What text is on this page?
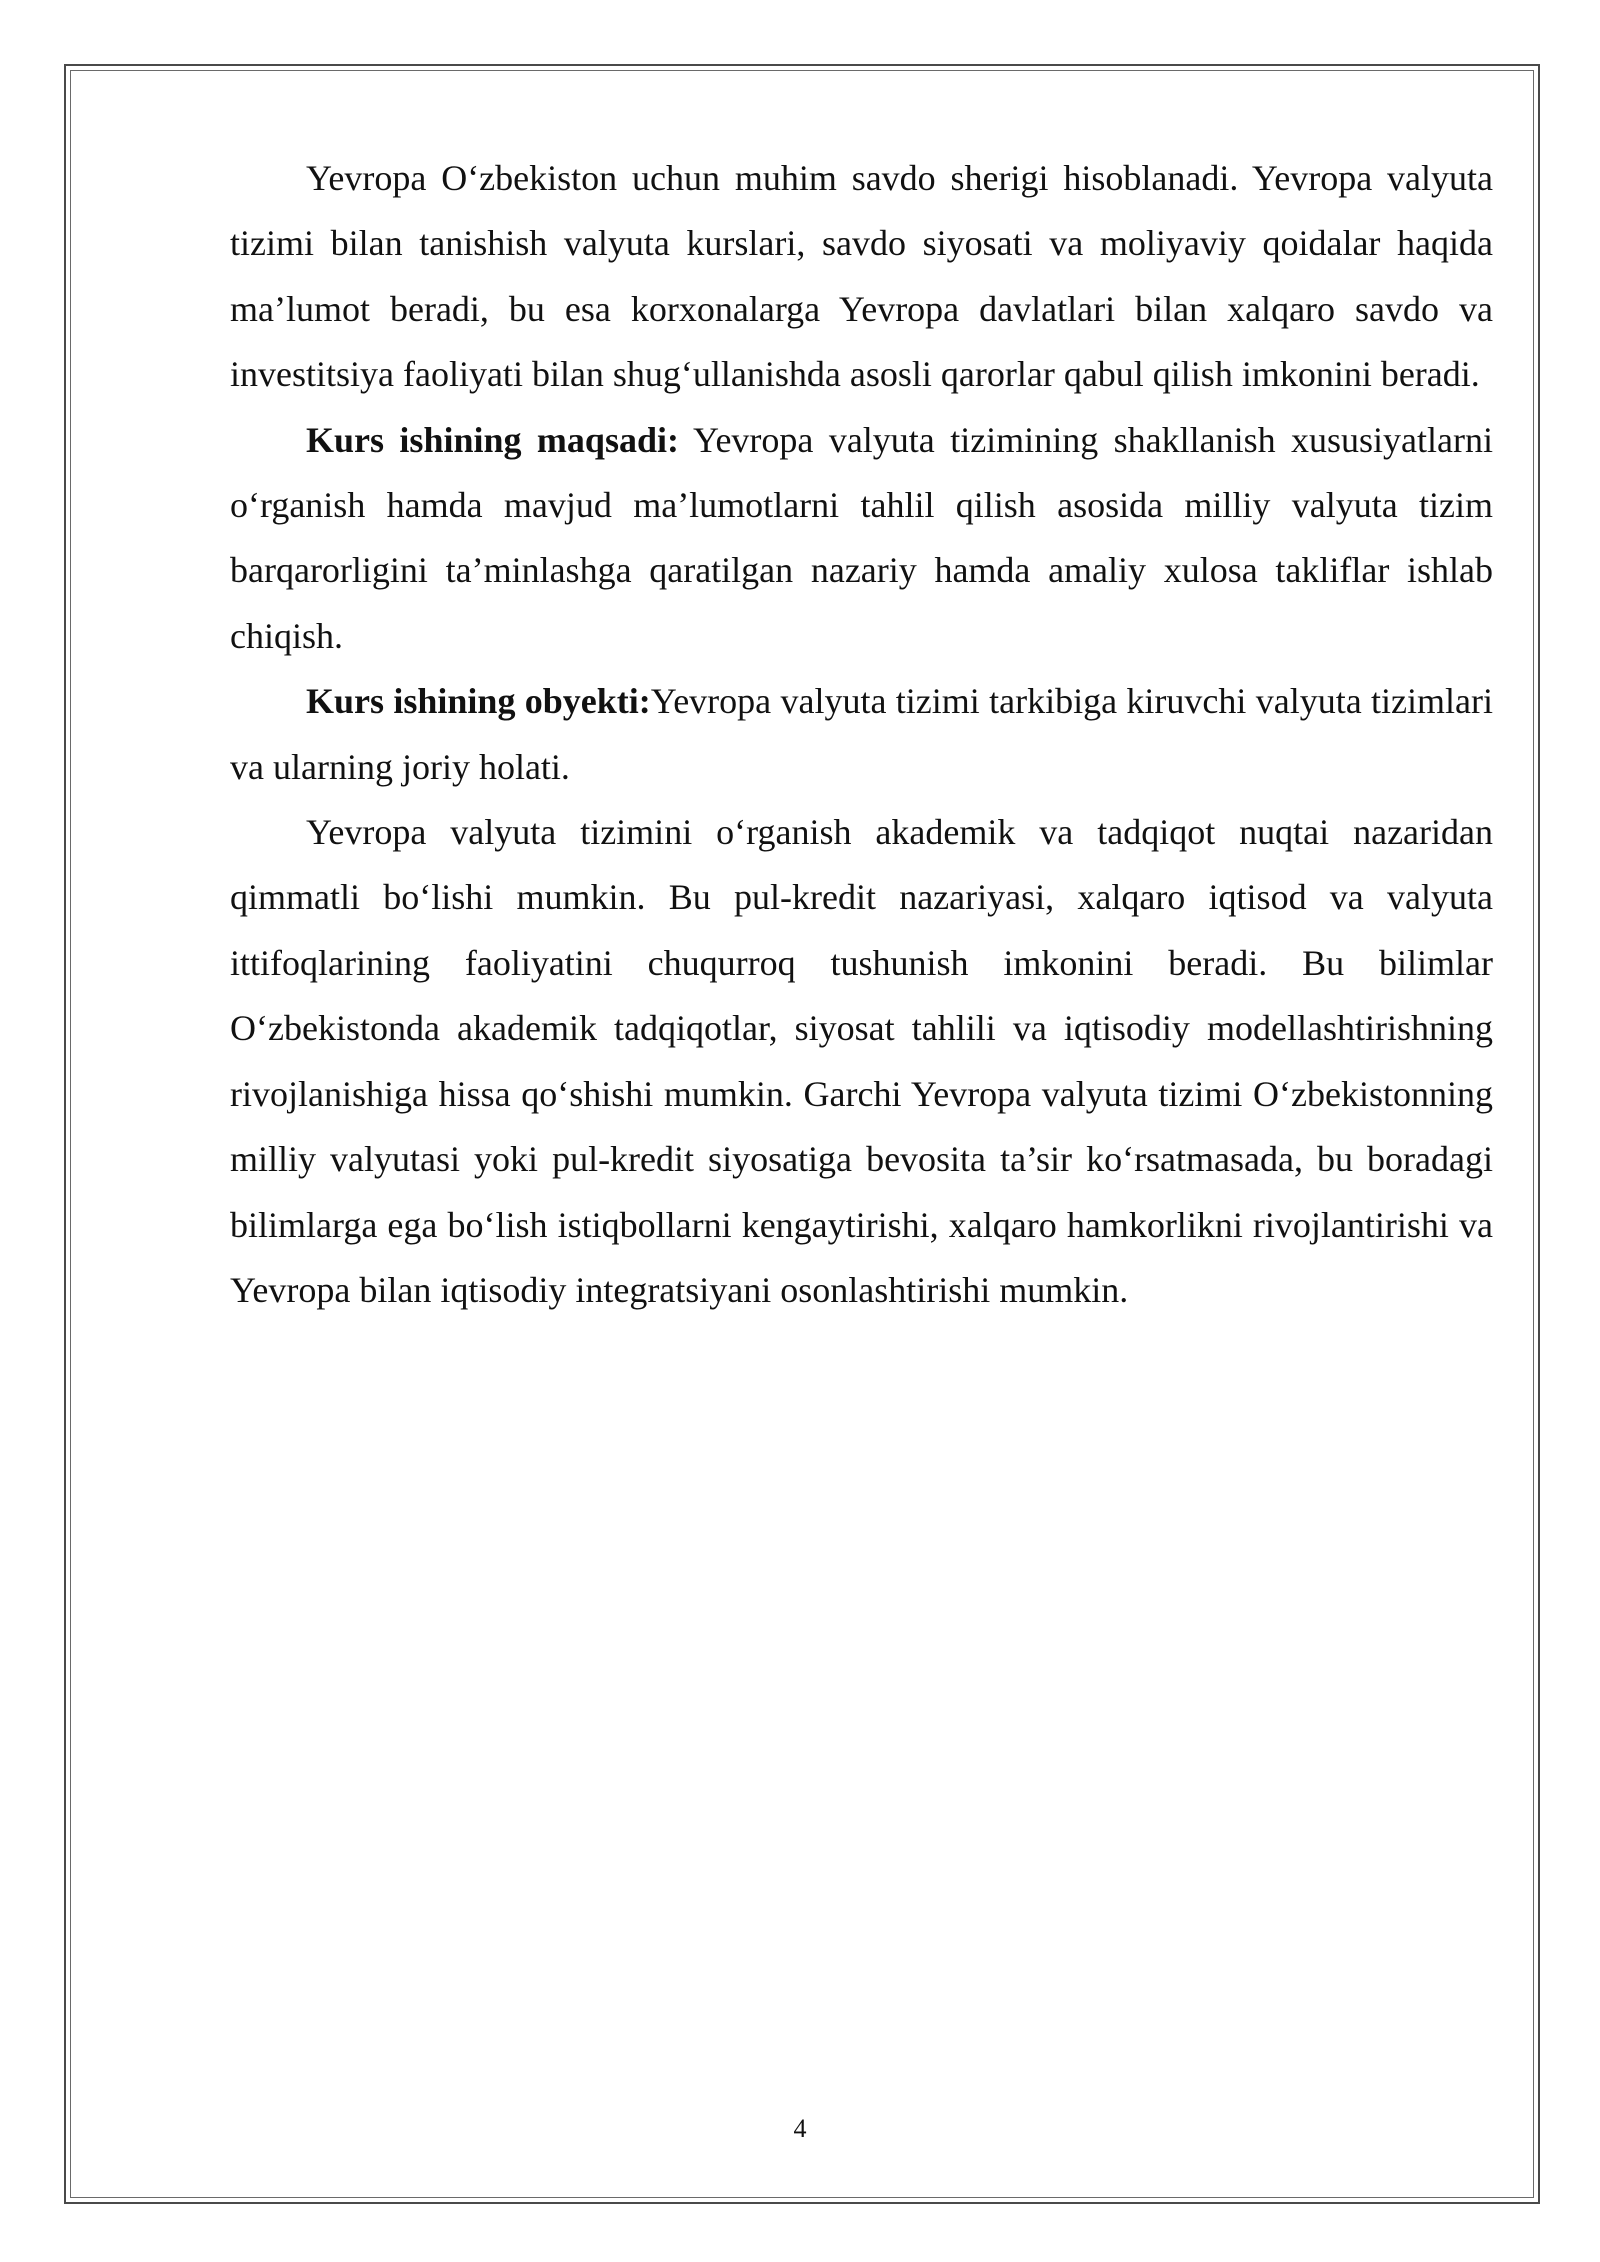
Yevropa O‘zbekiston uchun muhim savdo sherigi hisoblanadi. Yevropa valyuta tizimi bilan tanishish valyuta kurslari, savdo siyosati va moliyaviy qoidalar haqida ma’lumot beradi, bu esa korxonalarga Yevropa davlatlari bilan xalqaro savdo va investitsiya faoliyati bilan shug‘ullanishda asosli qarorlar qabul qilish imkonini beradi.

Kurs ishining maqsadi: Yevropa valyuta tizimining shakllanish xususiyatlarni o‘rganish hamda mavjud ma’lumotlarni tahlil qilish asosida milliy valyuta tizim barqarorligini ta’minlashga qaratilgan nazariy hamda amaliy xulosa takliflar ishlab chiqish.

Kurs ishining obyekti:Yevropa valyuta tizimi tarkibiga kiruvchi valyuta tizimlari va ularning joriy holati.

Yevropa valyuta tizimini o‘rganish akademik va tadqiqot nuqtai nazaridan qimmatli bo‘lishi mumkin. Bu pul-kredit nazariyasi, xalqaro iqtisod va valyuta ittifoqlarining faoliyatini chuqurroq tushunish imkonini beradi. Bu bilimlar O‘zbekistonda akademik tadqiqotlar, siyosat tahlili va iqtisodiy modellashtirishning rivojlanishiga hissa qo‘shishi mumkin. Garchi Yevropa valyuta tizimi O‘zbekistonning milliy valyutasi yoki pul-kredit siyosatiga bevosita ta’sir ko‘rsatmasada, bu boradagi bilimlarga ega bo‘lish istiqbollarni kengaytirishi, xalqaro hamkorlikni rivojlantirishi va Yevropa bilan iqtisodiy integratsiyani osonlashtirishi mumkin.

4
